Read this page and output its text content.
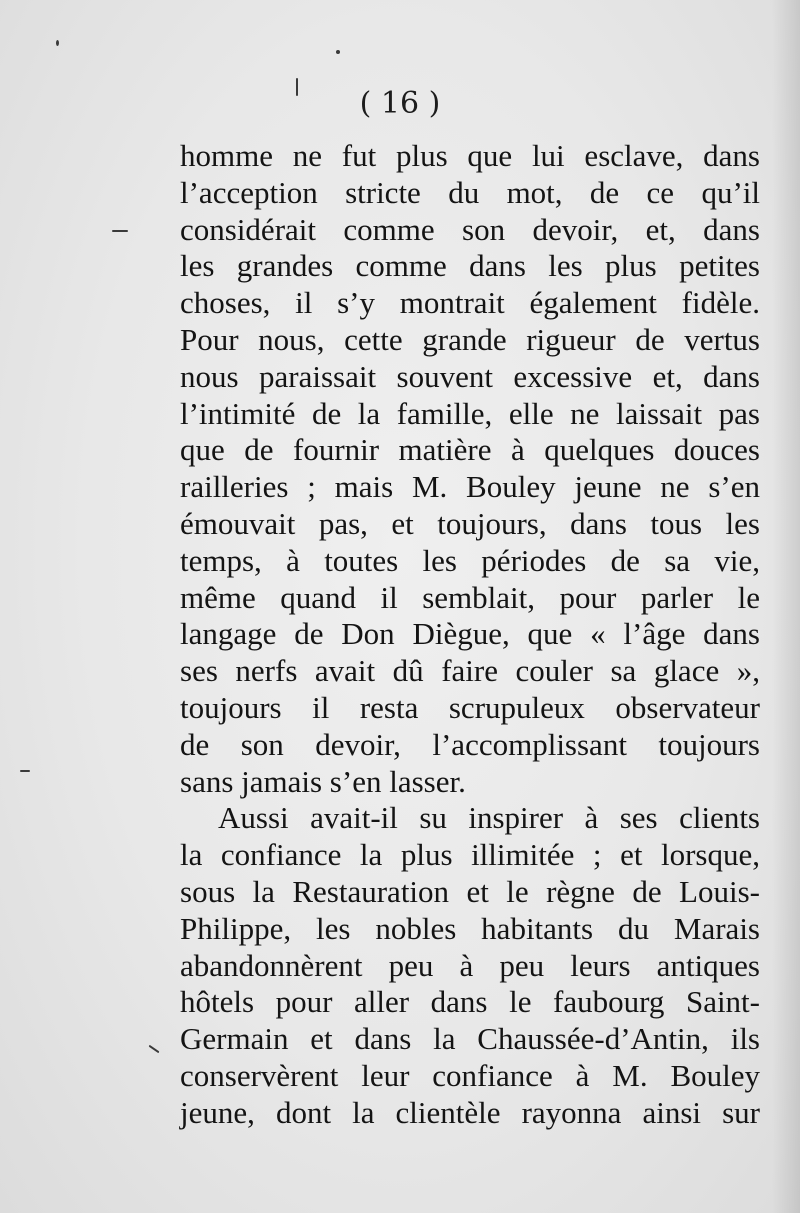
( 16 )
homme ne fut plus que lui esclave, dans
l’acception stricte du mot, de ce qu’il
considérait comme son devoir, et, dans
les grandes comme dans les plus petites
choses, il s’y montrait également fidèle.
Pour nous, cette grande rigueur de vertus
nous paraissait souvent excessive et, dans
l’intimité de la famille, elle ne laissait pas
que de fournir matière à quelques douces
railleries ; mais M. Bouley jeune ne s’en
émouvait pas, et toujours, dans tous les
temps, à toutes les périodes de sa vie,
même quand il semblait, pour parler le
langage de Don Diègue, que « l’âge dans
ses nerfs avait dû faire couler sa glace »,
toujours il resta scrupuleux observateur
de son devoir, l’accomplissant toujours
sans jamais s’en lasser.
Aussi avait-il su inspirer à ses clients
la confiance la plus illimitée ; et lorsque,
sous la Restauration et le règne de Louis-
Philippe, les nobles habitants du Marais
abandonnèrent peu à peu leurs antiques
hôtels pour aller dans le faubourg Saint-
Germain et dans la Chaussée-d’Antin, ils
conservèrent leur confiance à M. Bouley
jeune, dont la clientèle rayonna ainsi sur
